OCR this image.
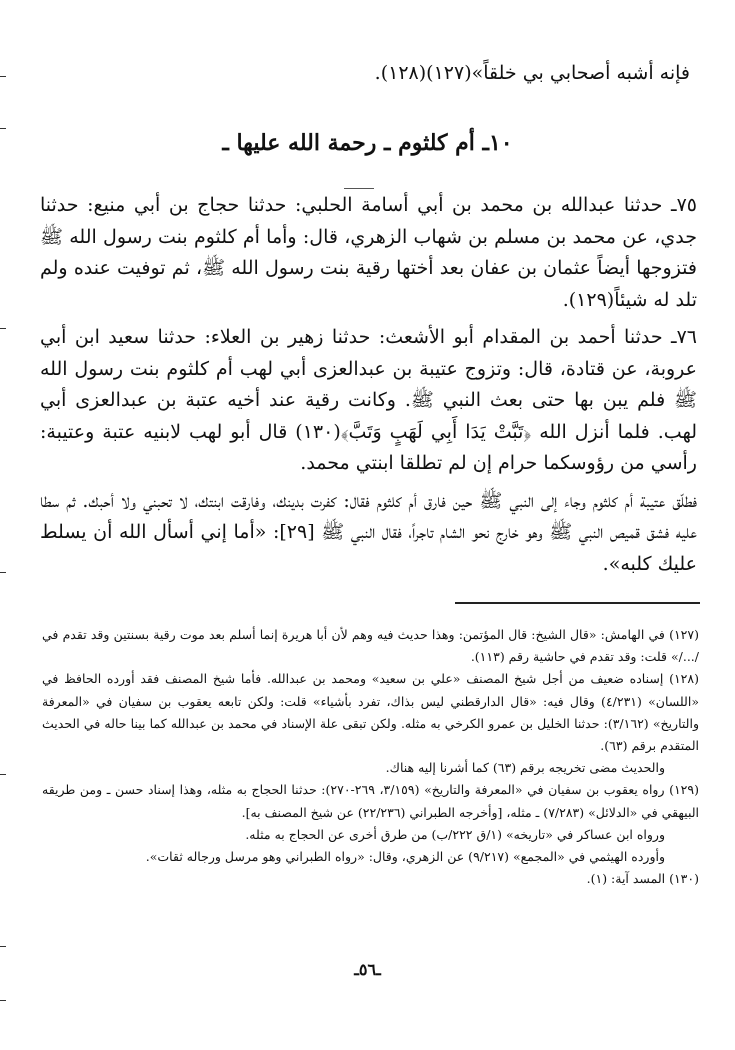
فإنه أشبه أصحابي بي خلقاً»(١٢٧)(١٢٨).
١٠ـ أم كلثوم ـ رحمة الله عليها ـ

٧٥ـ حدثنا عبدالله بن محمد بن أبي أسامة الحلبي: حدثنا حجاج بن أبي منيع: حدثنا جدي، عن محمد بن مسلم بن شهاب الزهري، قال: وأما أم كلثوم بنت رسول الله ﷺ فتزوجها أيضاً عثمان بن عفان بعد أختها رقية بنت رسول الله ﷺ، ثم توفيت عنده ولم تلد له شيئاً(١٢٩).

٧٦ـ حدثنا أحمد بن المقدام أبو الأشعث: حدثنا زهير بن العلاء: حدثنا سعيد ابن أبي عروبة، عن قتادة، قال: وتزوج عتيبة بن عبدالعزى أبي لهب أم كلثوم بنت رسول الله ﷺ فلم يبن بها حتى بعث النبي ﷺ. وكانت رقية عند أخيه عتبة بن عبدالعزى أبي لهب. فلما أنزل الله ﴿تَبَّتْ يَدَا أَبِي لَهَبٍ وَتَبَّ﴾(١٣٠) قال أبو لهب لابنيه عتبة وعتيبة: رأسي من رؤوسكما حرام إن لم تطلقا ابنتي محمد.

فطلّق عتيبة أم كلثوم وجاء إلى النبي ﷺ حين فارق أم كلثوم فقال: كفرت بدينك، وفارقت ابنتك، لا تحبني ولا أحبك. ثم سطا عليه فشق قميص النبي ﷺ وهو خارج نحو الشام تاجراً، فقال النبي ﷺ [٢٩]: «أما إني أسأل الله أن يسلط عليك كلبه».

(١٢٧) في الهامش: «قال الشيخ: قال المؤتمن: وهذا حديث فيه وهم لأن أبا هريرة إنما أسلم بعد موت رقية بسنتين وقد تقدم في /.../» قلت: وقد تقدم في حاشية رقم (١١٣).

(١٢٨) إسناده ضعيف من أجل شيخ المصنف «علي بن سعيد» ومحمد بن عبدالله. فأما شيخ المصنف فقد أورده الحافظ في «اللسان» (٤/٢٣١) وقال فيه: «قال الدارقطني ليس بذاك، تفرد بأشياء» قلت: ولكن تابعه يعقوب بن سفيان في «المعرفة والتاريخ» (٣/١٦٢): حدثنا الخليل بن عمرو الكرخي به مثله. ولكن تبقى علة الإسناد في محمد بن عبدالله كما بينا حاله في الحديث المتقدم برقم (٦٣).

والحديث مضى تخريجه برقم (٦٣) كما أشرنا إليه هناك.

(١٢٩) رواه يعقوب بن سفيان في «المعرفة والتاريخ» (٣/١٥٩، ٢٦٩-٢٧٠): حدثنا الحجاج به مثله، وهذا إسناد حسن ـ ومن طريقه البيهقي في «الدلائل» (٧/٢٨٣) ـ مثله، [وأخرجه الطبراني (٢٢/٢٣٦) عن شيخ المصنف به].

ورواه ابن عساكر في «تاريخه» (١/ق ٢٢٢/ب) من طرق أخرى عن الحجاج به مثله.

وأورده الهيثمي في «المجمع» (٩/٢١٧) عن الزهري، وقال: «رواه الطبراني وهو مرسل ورجاله ثقات».

(١٣٠) المسد آية: (١).

ـ٥٦ـ
